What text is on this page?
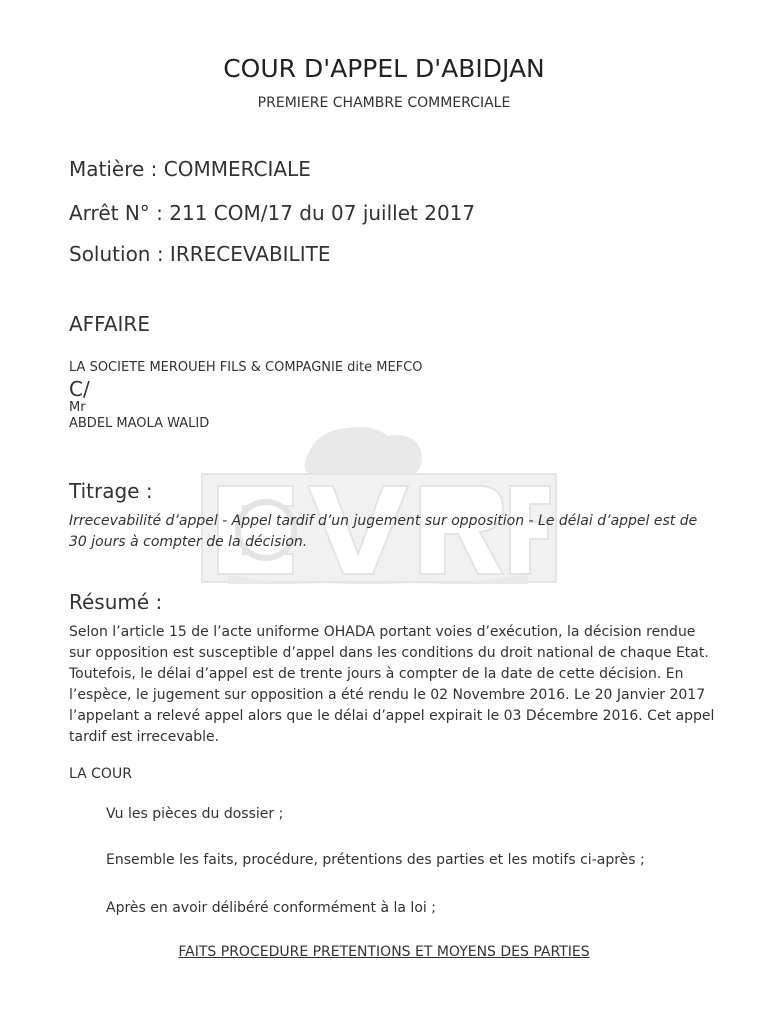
COUR D'APPEL D'ABIDJAN

PREMIERE CHAMBRE COMMERCIALE

Matière : COMMERCIALE

Arrêt N° : 211 COM/17 du 07 juillet 2017

Solution : IRRECEVABILITE

AFFAIRE

LA SOCIETE MEROUEH FILS & COMPAGNIE dite MEFCO

C/

Mr

ABDEL MAOLA WALID

Titrage :

Irrecevabilité d’appel - Appel tardif d’un jugement sur opposition - Le délai d’appel est de 30 jours à compter de la décision.

Résumé :

Selon l’article 15 de l’acte uniforme OHADA portant voies d’exécution, la décision rendue sur opposition est susceptible d’appel dans les conditions du droit national de chaque Etat. Toutefois, le délai d’appel est de trente jours à compter de la date de cette décision. En l’espèce, le jugement sur opposition a été rendu le 02 Novembre 2016. Le 20 Janvier 2017 l’appelant a relevé appel alors que le délai d’appel expirait le 03 Décembre 2016. Cet appel tardif est irrecevable.

LA COUR

Vu les pièces du dossier ;

Ensemble les faits, procédure, prétentions des parties et les motifs ci-après ;

Après en avoir délibéré conformément à la loi ;

FAITS PROCEDURE PRETENTIONS ET MOYENS DES PARTIES
